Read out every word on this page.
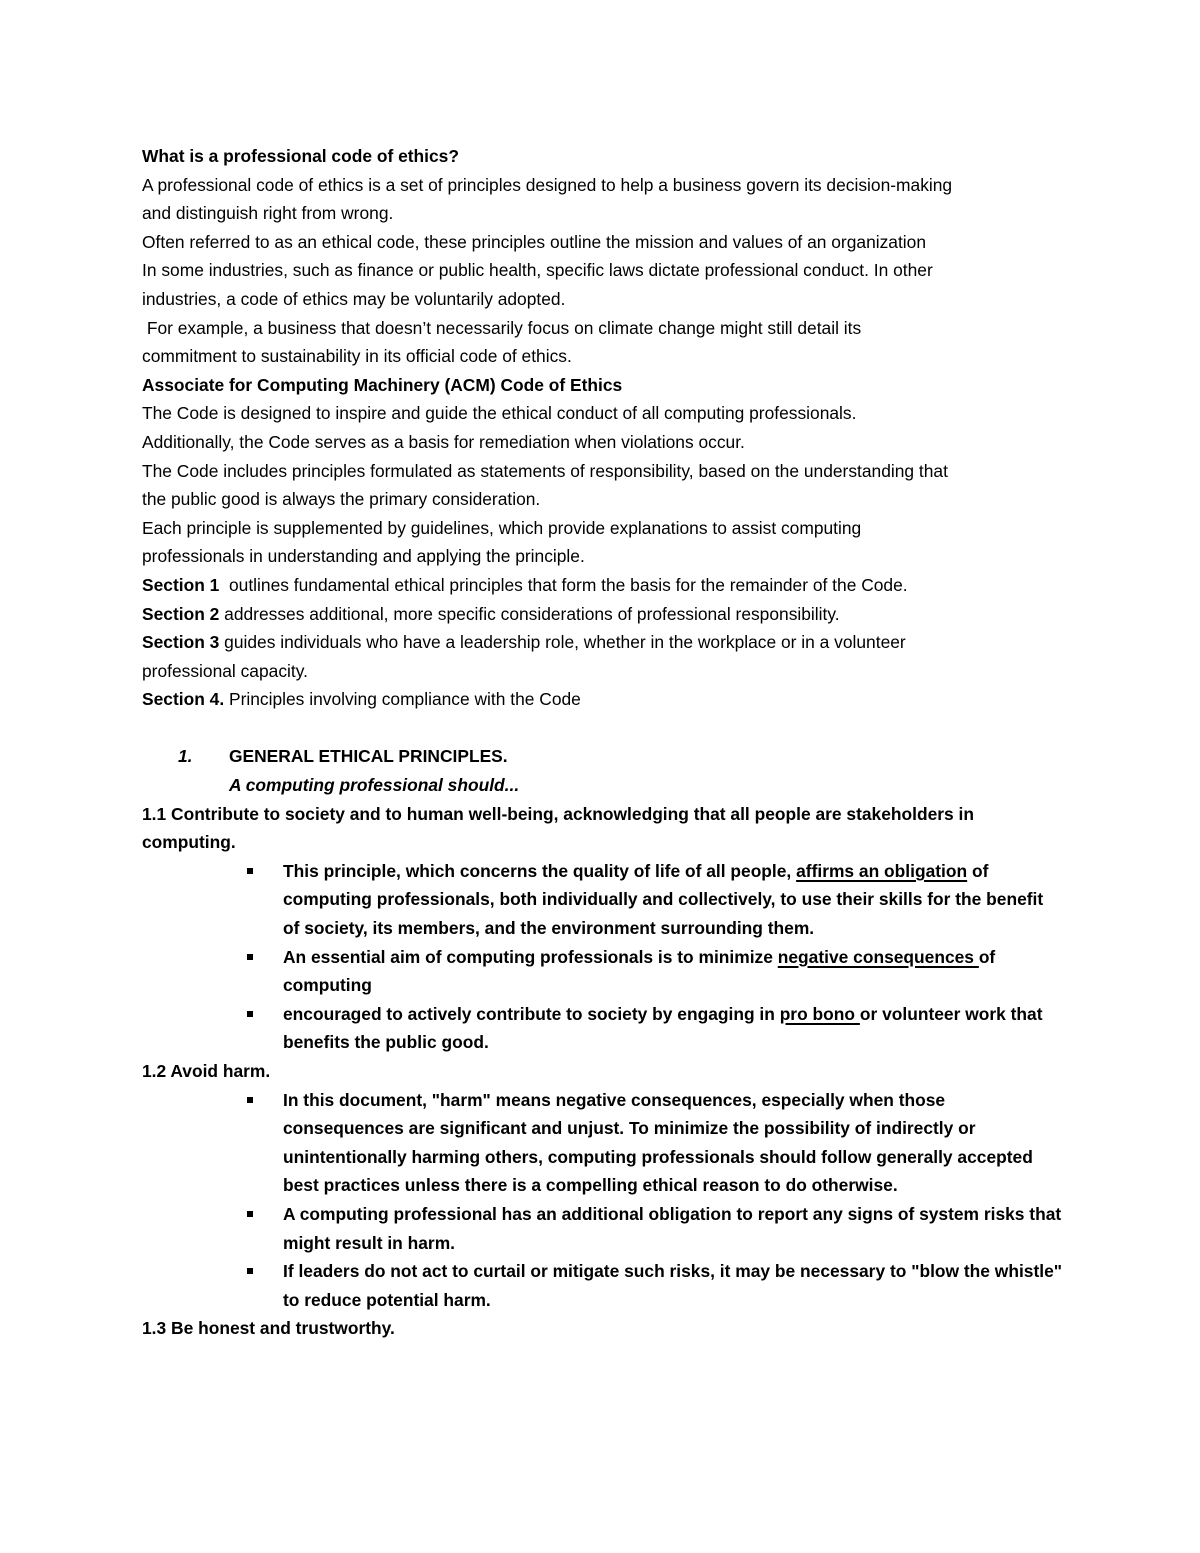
What is a professional code of ethics?
A professional code of ethics is a set of principles designed to help a business govern its decision-making
and distinguish right from wrong.
Often referred to as an ethical code, these principles outline the mission and values of an organization
In some industries, such as finance or public health, specific laws dictate professional conduct. In other
industries, a code of ethics may be voluntarily adopted.
For example, a business that doesn’t necessarily focus on climate change might still detail its
commitment to sustainability in its official code of ethics.
Associate for Computing Machinery (ACM) Code of Ethics
The Code is designed to inspire and guide the ethical conduct of all computing professionals.
Additionally, the Code serves as a basis for remediation when violations occur.
The Code includes principles formulated as statements of responsibility, based on the understanding that
the public good is always the primary consideration.
Each principle is supplemented by guidelines, which provide explanations to assist computing
professionals in understanding and applying the principle.
Section 1  outlines fundamental ethical principles that form the basis for the remainder of the Code.
Section 2 addresses additional, more specific considerations of professional responsibility.
Section 3 guides individuals who have a leadership role, whether in the workplace or in a volunteer
professional capacity.
Section 4. Principles involving compliance with the Code
1. GENERAL ETHICAL PRINCIPLES.
A computing professional should...
1.1 Contribute to society and to human well-being, acknowledging that all people are stakeholders in
computing.
This principle, which concerns the quality of life of all people, affirms an obligation of computing professionals, both individually and collectively, to use their skills for the benefit of society, its members, and the environment surrounding them.
An essential aim of computing professionals is to minimize negative consequences of computing
encouraged to actively contribute to society by engaging in pro bono or volunteer work that benefits the public good.
1.2 Avoid harm.
In this document, "harm" means negative consequences, especially when those consequences are significant and unjust. To minimize the possibility of indirectly or unintentionally harming others, computing professionals should follow generally accepted best practices unless there is a compelling ethical reason to do otherwise.
A computing professional has an additional obligation to report any signs of system risks that might result in harm.
If leaders do not act to curtail or mitigate such risks, it may be necessary to "blow the whistle" to reduce potential harm.
1.3 Be honest and trustworthy.
